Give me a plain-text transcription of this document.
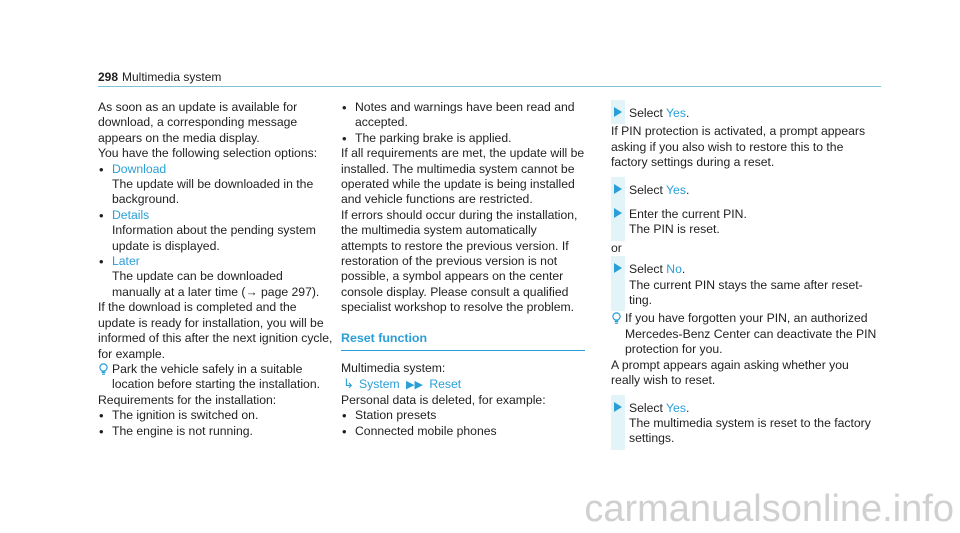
298 Multimedia system

As soon as an update is available for download, a corresponding message appears on the media display.

You have the following selection options:

• Download
The update will be downloaded in the background.
• Details
Information about the pending system update is displayed.
• Later
The update can be downloaded manually at a later time (→ page 297).

If the download is completed and the update is ready for installation, you will be informed of this after the next ignition cycle, for example.

Park the vehicle safely in a suitable location before starting the installation.

Requirements for the installation:

• The ignition is switched on.
• The engine is not running.
• Notes and warnings have been read and accepted.
• The parking brake is applied.

If all requirements are met, the update will be installed. The multimedia system cannot be operated while the update is being installed and vehicle functions are restricted.

If errors should occur during the installation, the multimedia system automatically attempts to restore the previous version. If restoration of the previous version is not possible, a symbol appears on the center console display. Please consult a qualified specialist workshop to resolve the problem.

Reset function

Multimedia system:

↳ System ▶▶ Reset

Personal data is deleted, for example:

• Station presets
• Connected mobile phones
Select Yes.

If PIN protection is activated, a prompt appears asking if you also wish to restore this to the factory settings during a reset.

Select Yes.
Enter the current PIN.
The PIN is reset.

or

Select No.
The current PIN stays the same after reset-ting.
If you have forgotten your PIN, an authorized Mercedes-Benz Center can deactivate the PIN protection for you.

A prompt appears again asking whether you really wish to reset.

Select Yes.
The multimedia system is reset to the factory settings.
carmanualsonline.info
